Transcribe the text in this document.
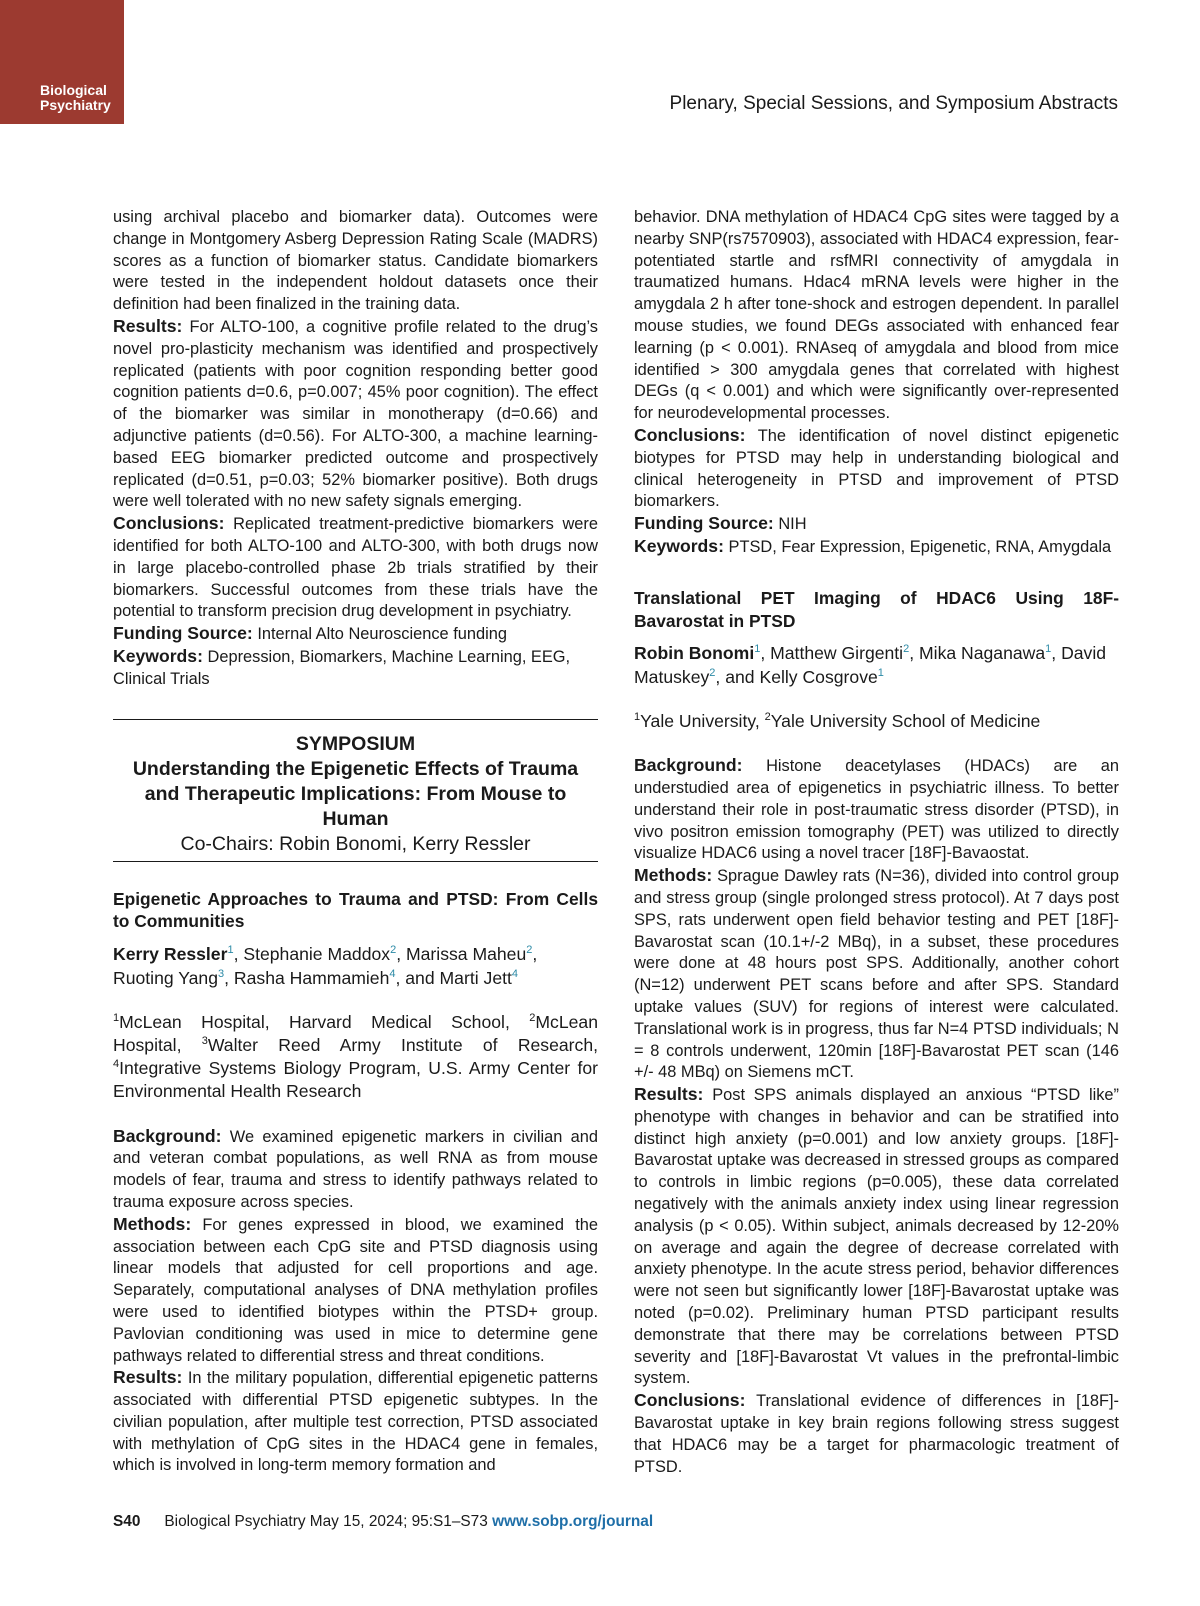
Biological
Psychiatry	Plenary, Special Sessions, and Symposium Abstracts

using archival placebo and biomarker data). Outcomes were change in Montgomery Asberg Depression Rating Scale (MADRS) scores as a function of biomarker status. Candidate biomarkers were tested in the independent holdout datasets once their definition had been finalized in the training data.

Results: For ALTO-100, a cognitive profile related to the drug’s novel pro-plasticity mechanism was identified and prospectively replicated (patients with poor cognition responding better good cognition patients d=0.6, p=0.007; 45% poor cognition). The effect of the biomarker was similar in monotherapy (d=0.66) and adjunctive patients (d=0.56). For ALTO-300, a machine learning-based EEG biomarker predicted outcome and prospectively replicated (d=0.51, p=0.03; 52% biomarker positive). Both drugs were well tolerated with no new safety signals emerging.

Conclusions: Replicated treatment-predictive biomarkers were identified for both ALTO-100 and ALTO-300, with both drugs now in large placebo-controlled phase 2b trials stratified by their biomarkers. Successful outcomes from these trials have the potential to transform precision drug development in psychiatry.

Funding Source: Internal Alto Neuroscience funding

Keywords: Depression, Biomarkers, Machine Learning, EEG, Clinical Trials

SYMPOSIUM
Understanding the Epigenetic Effects of Trauma and Therapeutic Implications: From Mouse to Human
Co-Chairs: Robin Bonomi, Kerry Ressler

Epigenetic Approaches to Trauma and PTSD: From Cells to Communities

Kerry Ressler$^1$, Stephanie Maddox$^2$, Marissa Maheu$^2$, Ruoting Yang$^3$, Rasha Hammamieh$^4$, and Marti Jett$^4$

$^1$McLean Hospital, Harvard Medical School, $^2$McLean Hospital, $^3$Walter Reed Army Institute of Research, $^4$Integrative Systems Biology Program, U.S. Army Center for Environmental Health Research

Background: We examined epigenetic markers in civilian and and veteran combat populations, as well RNA as from mouse models of fear, trauma and stress to identify pathways related to trauma exposure across species.

Methods: For genes expressed in blood, we examined the association between each CpG site and PTSD diagnosis using linear models that adjusted for cell proportions and age. Separately, computational analyses of DNA methylation profiles were used to identified biotypes within the PTSD+ group. Pavlovian conditioning was used in mice to determine gene pathways related to differential stress and threat conditions.

Results: In the military population, differential epigenetic patterns associated with differential PTSD epigenetic subtypes. In the civilian population, after multiple test correction, PTSD associated with methylation of CpG sites in the HDAC4 gene in females, which is involved in long-term memory formation and

behavior. DNA methylation of HDAC4 CpG sites were tagged by a nearby SNP(rs7570903), associated with HDAC4 expression, fear-potentiated startle and rsfMRI connectivity of amygdala in traumatized humans. Hdac4 mRNA levels were higher in the amygdala 2 h after tone-shock and estrogen dependent. In parallel mouse studies, we found DEGs associated with enhanced fear learning (p < 0.001). RNAseq of amygdala and blood from mice identified > 300 amygdala genes that correlated with highest DEGs (q < 0.001) and which were significantly over-represented for neurodevelopmental processes.

Conclusions: The identification of novel distinct epigenetic biotypes for PTSD may help in understanding biological and clinical heterogeneity in PTSD and improvement of PTSD biomarkers.

Funding Source: NIH

Keywords: PTSD, Fear Expression, Epigenetic, RNA, Amygdala

Translational PET Imaging of HDAC6 Using 18F-Bavarostat in PTSD

Robin Bonomi$^1$, Matthew Girgenti$^2$, Mika Naganawa$^1$, David Matuskey$^2$, and Kelly Cosgrove$^1$

$^1$Yale University, $^2$Yale University School of Medicine

Background: Histone deacetylases (HDACs) are an understudied area of epigenetics in psychiatric illness. To better understand their role in post-traumatic stress disorder (PTSD), in vivo positron emission tomography (PET) was utilized to directly visualize HDAC6 using a novel tracer [18F]-Bavaostat.

Methods: Sprague Dawley rats (N=36), divided into control group and stress group (single prolonged stress protocol). At 7 days post SPS, rats underwent open field behavior testing and PET [18F]-Bavarostat scan (10.1+/-2 MBq), in a subset, these procedures were done at 48 hours post SPS. Additionally, another cohort (N=12) underwent PET scans before and after SPS. Standard uptake values (SUV) for regions of interest were calculated. Translational work is in progress, thus far N=4 PTSD individuals; N = 8 controls underwent, 120min [18F]-Bavarostat PET scan (146 +/- 48 MBq) on Siemens mCT.

Results: Post SPS animals displayed an anxious “PTSD like” phenotype with changes in behavior and can be stratified into distinct high anxiety (p=0.001) and low anxiety groups. [18F]-Bavarostat uptake was decreased in stressed groups as compared to controls in limbic regions (p=0.005), these data correlated negatively with the animals anxiety index using linear regression analysis (p < 0.05). Within subject, animals decreased by 12-20% on average and again the degree of decrease correlated with anxiety phenotype. In the acute stress period, behavior differences were not seen but significantly lower [18F]-Bavarostat uptake was noted (p=0.02). Preliminary human PTSD participant results demonstrate that there may be correlations between PTSD severity and [18F]-Bavarostat Vt values in the prefrontal-limbic system.

Conclusions: Translational evidence of differences in [18F]-Bavarostat uptake in key brain regions following stress suggest that HDAC6 may be a target for pharmacologic treatment of PTSD.

S40 Biological Psychiatry May 15, 2024; 95:S1–S73 www.sobp.org/journal
